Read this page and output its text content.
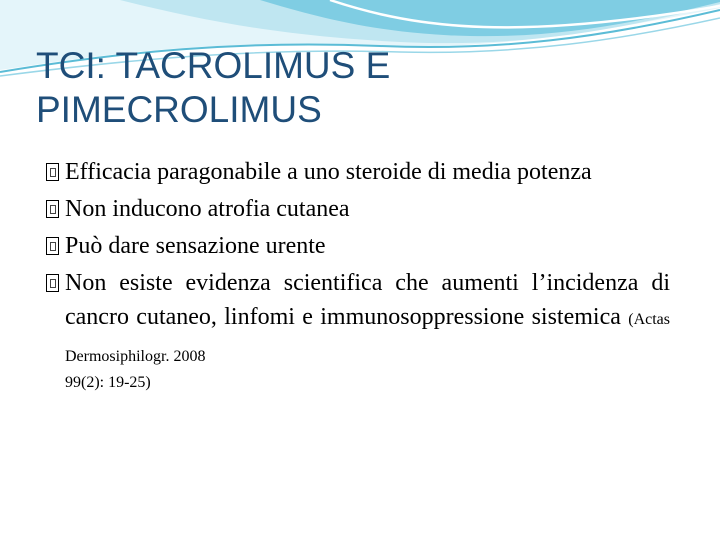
TCI: TACROLIMUS E PIMECROLIMUS
Efficacia paragonabile a uno steroide di media potenza
Non inducono atrofia cutanea
Può dare sensazione urente
Non esiste evidenza scientifica che aumenti l’incidenza di cancro cutaneo, linfomi e immunosoppressione sistemica (Actas Dermosiphilogr. 2008
99(2): 19-25)
